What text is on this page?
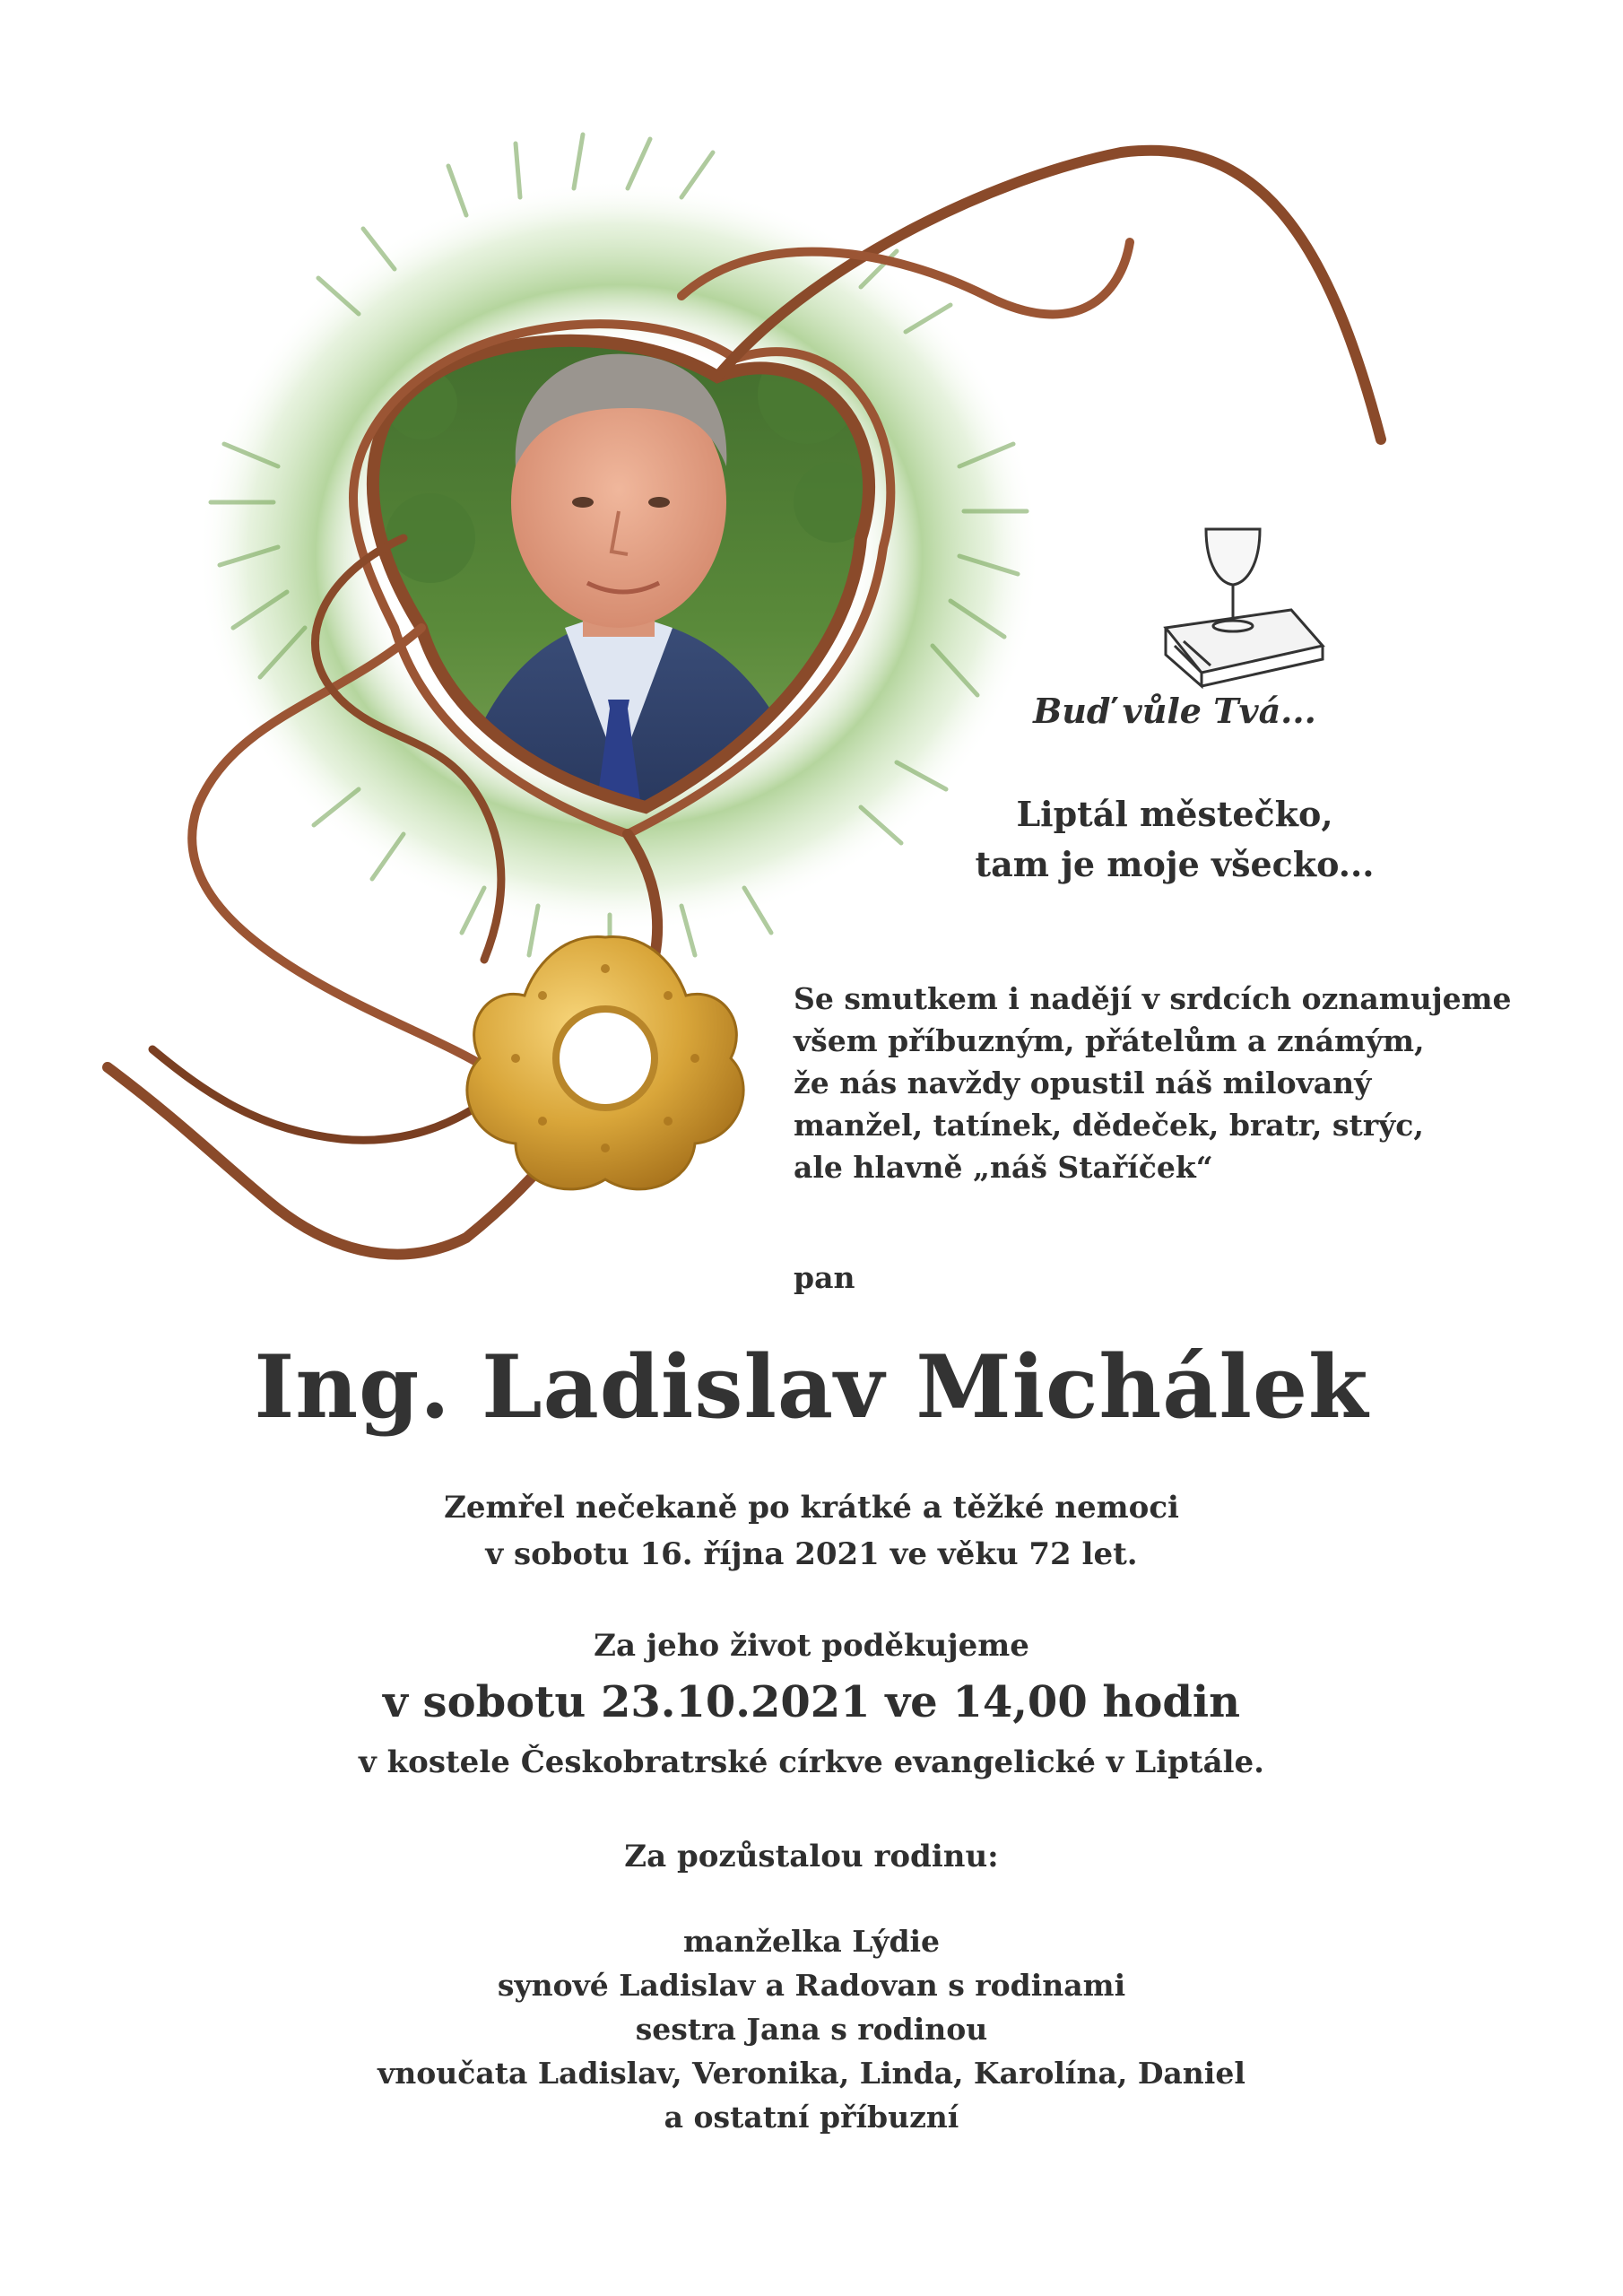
Buď vůle Tvá...
Liptál městečko,
tam je moje všecko...
Se smutkem i nadějí v srdcích oznamujeme
všem příbuzným, přátelům a známým,
že nás navždy opustil náš milovaný
manžel, tatínek, dědeček, bratr, strýc,
ale hlavně „náš Staříček“
pan
Ing. Ladislav Michálek
Zemřel nečekaně po krátké a těžké nemoci
v sobotu 16. října 2021 ve věku 72 let.
Za jeho život poděkujeme
v sobotu 23.10.2021 ve 14,00 hodin
v kostele Českobratrské církve evangelické v Liptále.
Za pozůstalou rodinu:
manželka Lýdie
synové Ladislav a Radovan s rodinami
sestra Jana s rodinou
vnoučata Ladislav, Veronika, Linda, Karolína, Daniel
a ostatní příbuzní
